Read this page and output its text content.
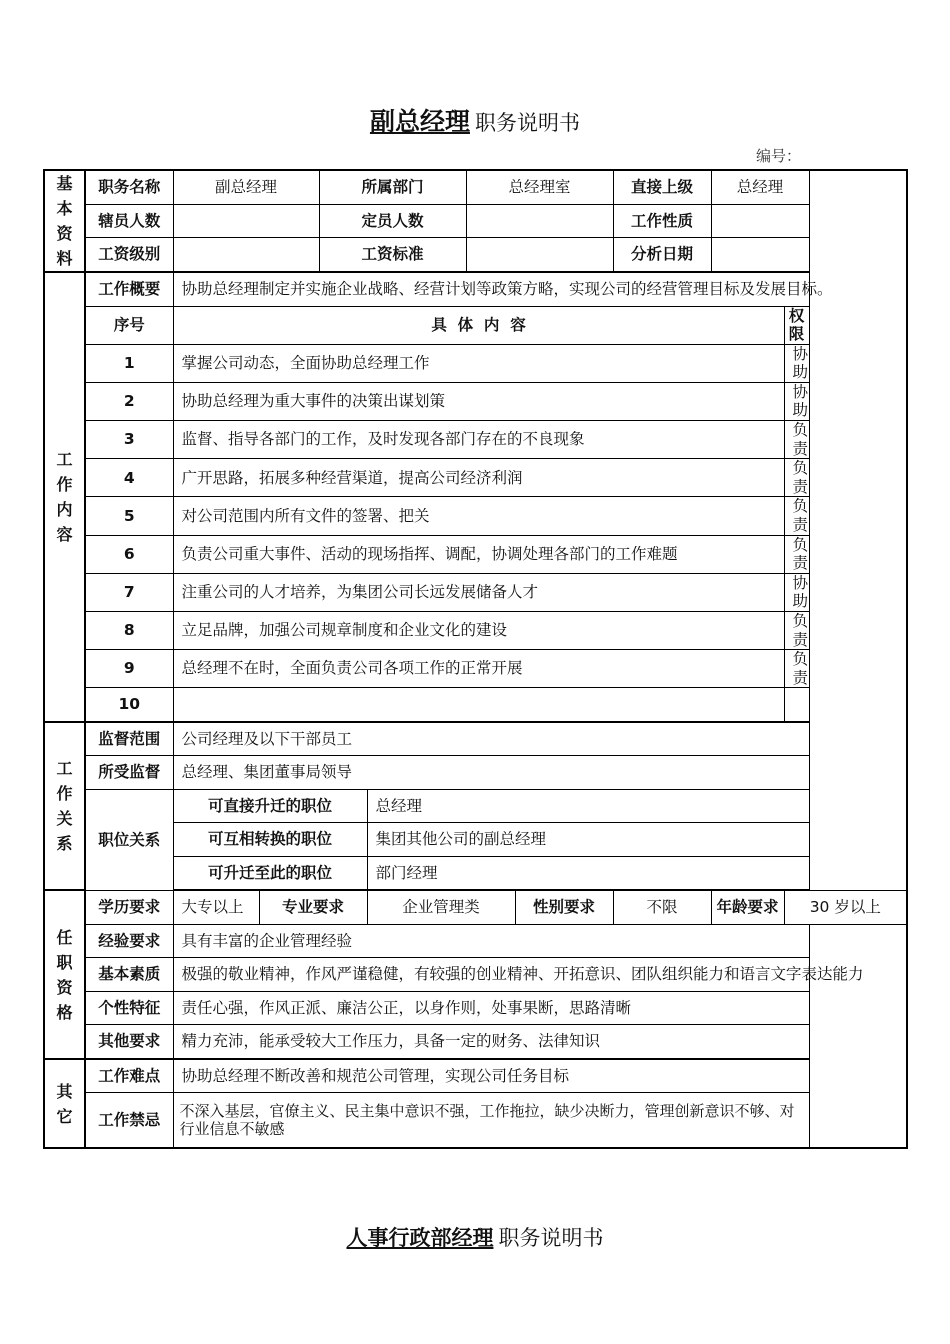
副总经理 职务说明书
编号：
基本资料	职务名称	副总经理		所属部门		总经理室		直接上级	总经理	
	辖员人数			定员人数				工作性质		
	工资级别			工资标准				分析日期		

工作内容	工作概要	协助总经理制定并实施企业战略、经营计划等政策方略，实现公司的经营管理目标及发展目标。								
	序号	具  体  内  容								权限
	1	掌握公司动态，全面协助总经理工作								协助
	2	协助总经理为重大事件的决策出谋划策								协助
	3	监督、指导各部门的工作，及时发现各部门存在的不良现象								负责
	4	广开思路，拓展多种经营渠道，提高公司经济利润								负责
	5	对公司范围内所有文件的签署、把关								负责
	6	负责公司重大事件、活动的现场指挥、调配，协调处理各部门的工作难题								负责
	7	注重公司的人才培养，为集团公司长远发展储备人才								协助
	8	立足品牌，加强公司规章制度和企业文化的建设								负责
	9	总经理不在时，全面负责公司各项工作的正常开展								负责
	10									

工作关系	监督范围	公司经理及以下干部员工								
	所受监督	总经理、集团董事局领导								
	职位关系	可直接升迁的职位			总经理					
		可互相转换的职位			集团其他公司的副总经理					
		可升迁至此的职位			部门经理					

任职资格	学历要求	大专以上	专业要求		企业管理类		性别要求	不限	年龄要求	30 岁以上
	经验要求	具有丰富的企业管理经验								
	基本素质	极强的敬业精神，作风严谨稳健，有较强的创业精神、开拓意识、团队组织能力和语言文字表达能力								
	个性特征	责任心强，作风正派、廉洁公正，以身作则，处事果断，思路清晰								
	其他要求	精力充沛，能承受较大工作压力，具备一定的财务、法律知识								

其它	工作难点	协助总经理不断改善和规范公司管理，实现公司任务目标								
	工作禁忌	不深入基层，官僚主义、民主集中意识不强，工作拖拉，缺少决断力，管理创新意识不够、对行业信息不敏感								
人事行政部经理 职务说明书
